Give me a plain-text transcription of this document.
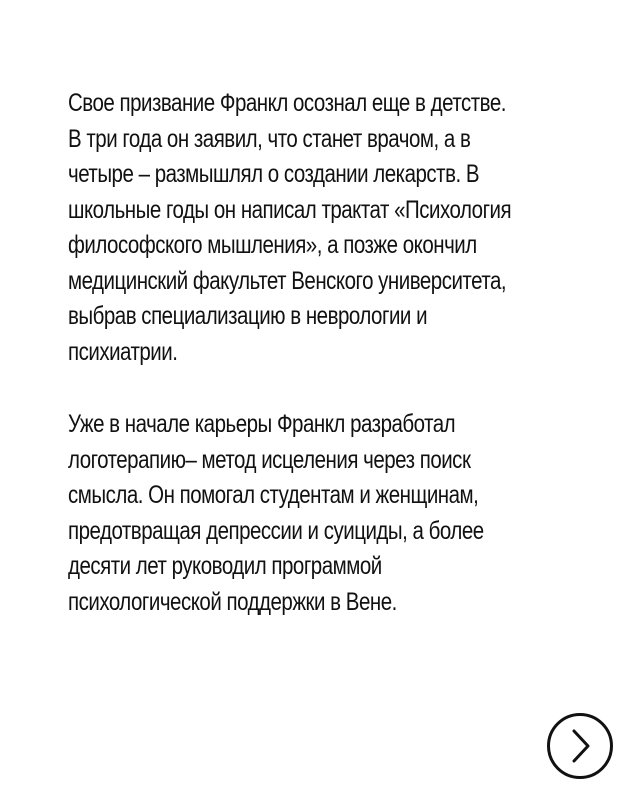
Свое призвание Франкл осознал еще в детстве.
В три года он заявил, что станет врачом, а в
четыре – размышлял о создании лекарств. В
школьные годы он написал трактат «Психология
философского мышления», а позже окончил
медицинский факультет Венского университета,
выбрав специализацию в неврологии и
психиатрии.

Уже в начале карьеры Франкл разработал
логотерапию– метод исцеления через поиск
смысла. Он помогал студентам и женщинам,
предотвращая депрессии и суициды, а более
десяти лет руководил программой
психологической поддержки в Вене.
